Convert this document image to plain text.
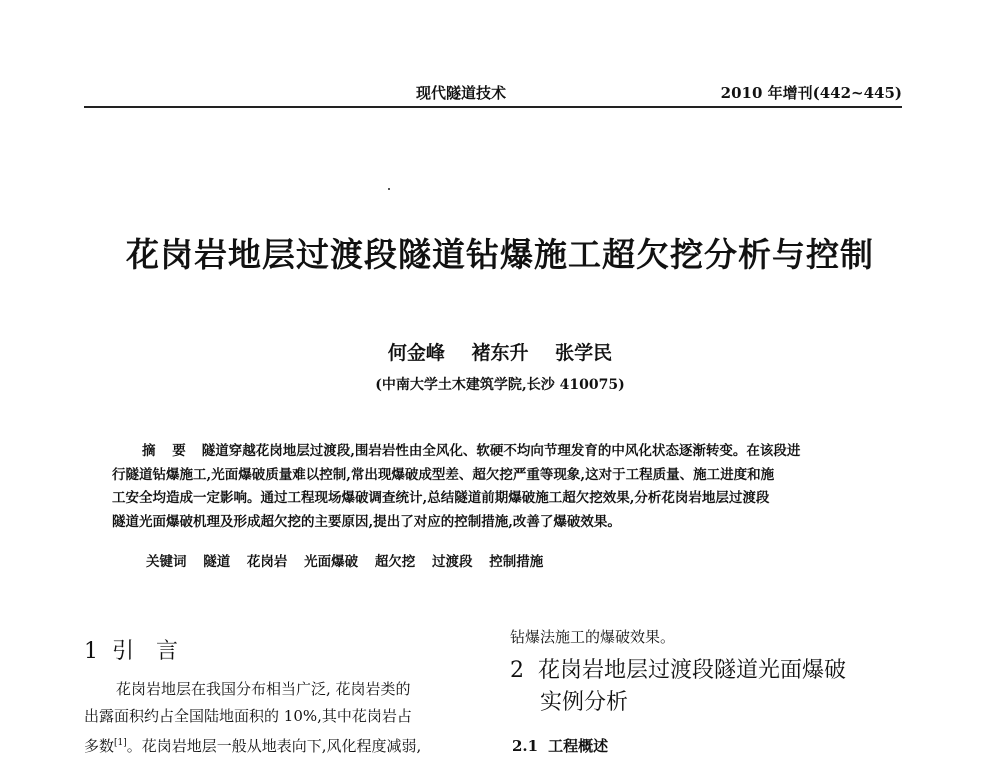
现代隧道技术	2010 年增刊(442~445)
花岗岩地层过渡段隧道钻爆施工超欠挖分析与控制
何金峰 褚东升 张学民
(中南大学土木建筑学院,长沙 410075)
摘 要 隧道穿越花岗地层过渡段,围岩岩性由全风化、软硬不均向节理发育的中风化状态逐渐转变。在该段进
行隧道钻爆施工,光面爆破质量难以控制,常出现爆破成型差、超欠挖严重等现象,这对于工程质量、施工进度和施
工安全均造成一定影响。通过工程现场爆破调查统计,总结隧道前期爆破施工超欠挖效果,分析花岗岩地层过渡段
隧道光面爆破机理及形成超欠挖的主要原因,提出了对应的控制措施,改善了爆破效果。
关键词 隧道 花岗岩 光面爆破 超欠挖 过渡段 控制措施
1 引言
花岗岩地层在我国分布相当广泛, 花岗岩类的
出露面积约占全国陆地面积的 10%,其中花岗岩占
多数[1]。花岗岩地层一般从地表向下,风化程度减弱,
钻爆法施工的爆破效果。
2 花岗岩地层过渡段隧道光面爆破
实例分析
2.1 工程概述
